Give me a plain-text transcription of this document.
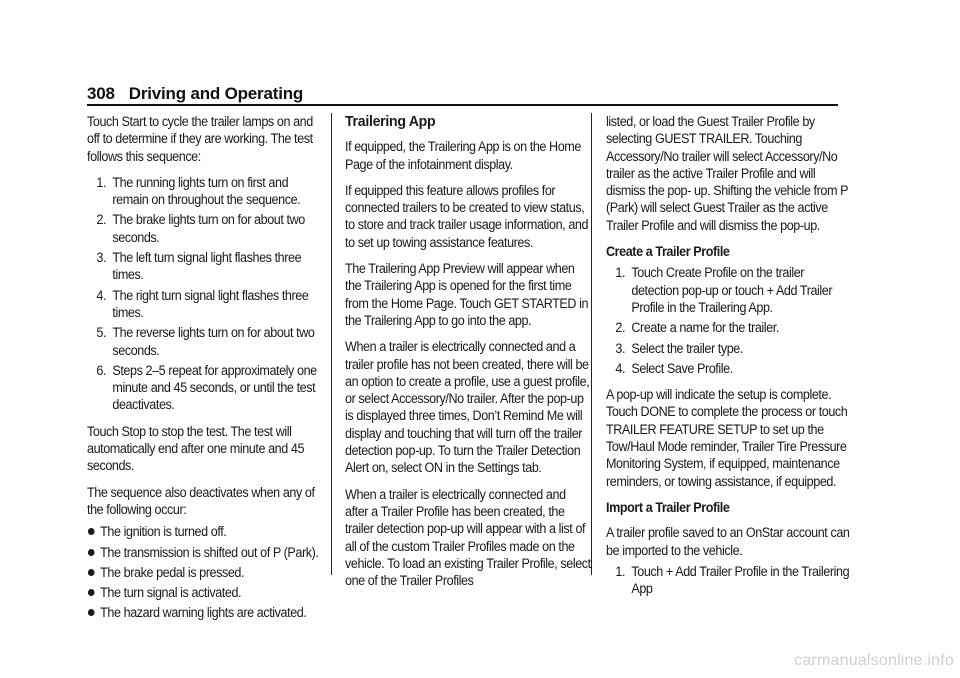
308 Driving and Operating

Touch Start to cycle the trailer lamps on and off to determine if they are working. The test follows this sequence:

1. The running lights turn on first and remain on throughout the sequence.
2. The brake lights turn on for about two seconds.
3. The left turn signal light flashes three times.
4. The right turn signal light flashes three times.
5. The reverse lights turn on for about two seconds.
6. Steps 2–5 repeat for approximately one minute and 45 seconds, or until the test deactivates.

Touch Stop to stop the test. The test will automatically end after one minute and 45 seconds.

The sequence also deactivates when any of the following occur:

The ignition is turned off.
The transmission is shifted out of P (Park).
The brake pedal is pressed.
The turn signal is activated.
The hazard warning lights are activated.
Trailering App

If equipped, the Trailering App is on the Home Page of the infotainment display.

If equipped this feature allows profiles for connected trailers to be created to view status, to store and track trailer usage information, and to set up towing assistance features.

The Trailering App Preview will appear when the Trailering App is opened for the first time from the Home Page. Touch GET STARTED in the Trailering App to go into the app.

When a trailer is electrically connected and a trailer profile has not been created, there will be an option to create a profile, use a guest profile, or select Accessory/No trailer. After the pop-up is displayed three times, Don’t Remind Me will display and touching that will turn off the trailer detection pop-up. To turn the Trailer Detection Alert on, select ON in the Settings tab.

When a trailer is electrically connected and after a Trailer Profile has been created, the trailer detection pop-up will appear with a list of all of the custom Trailer Profiles made on the vehicle. To load an existing Trailer Profile, select one of the Trailer Profiles

listed, or load the Guest Trailer Profile by selecting GUEST TRAILER. Touching Accessory/No trailer will select Accessory/No trailer as the active Trailer Profile and will dismiss the pop- up. Shifting the vehicle from P (Park) will select Guest Trailer as the active Trailer Profile and will dismiss the pop-up.

Create a Trailer Profile
1. Touch Create Profile on the trailer detection pop-up or touch + Add Trailer Profile in the Trailering App.
2. Create a name for the trailer.
3. Select the trailer type.
4. Select Save Profile.

A pop-up will indicate the setup is complete. Touch DONE to complete the process or touch TRAILER FEATURE SETUP to set up the Tow/Haul Mode reminder, Trailer Tire Pressure Monitoring System, if equipped, maintenance reminders, or towing assistance, if equipped.

Import a Trailer Profile

A trailer profile saved to an OnStar account can be imported to the vehicle.

1. Touch + Add Trailer Profile in the Trailering App
carmanualsonline.info
